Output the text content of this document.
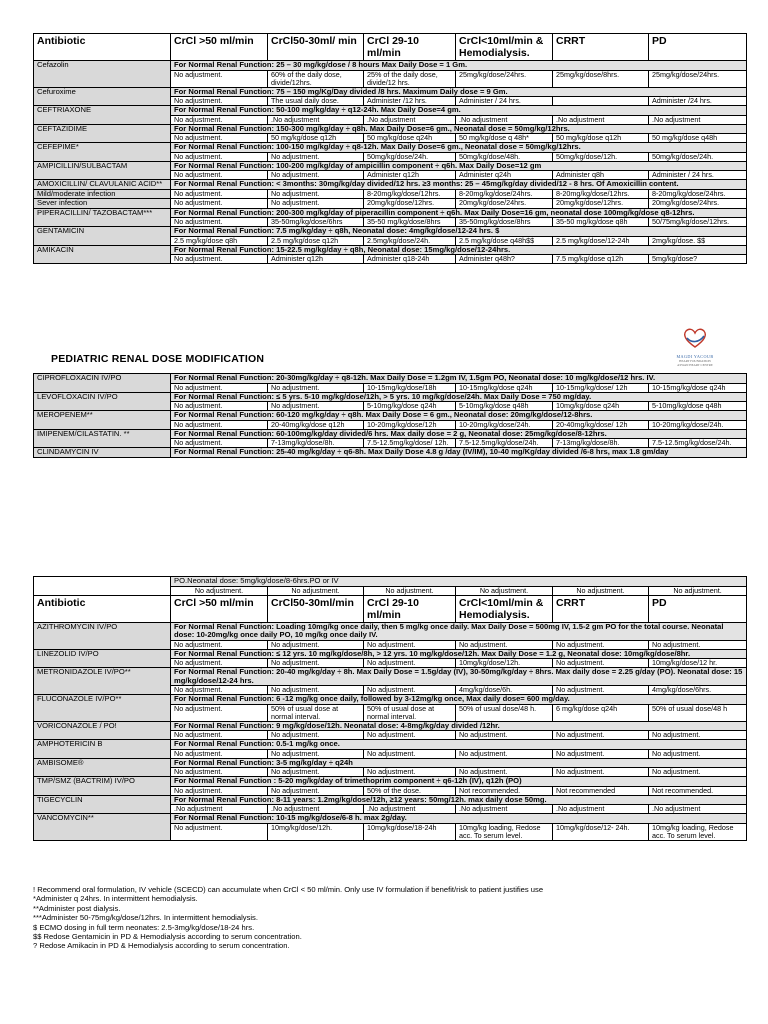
Antibiotic	CrCl >50 ml/min	CrCl50-30ml/ min	CrCl 29-10 ml/min	CrCl<10ml/min & Hemodialysis.	CRRT	PD
Cefazolin	For Normal Renal Function: 25 – 30 mg/kg/dose / 8 hours Max Daily Dose = 1 Gm.					
	No adjustment.	60% of the daily dose, divide/12hrs.	25% of the daily dose, divide/12 hrs.	25mg/kg/dose/24hrs.	25mg/kg/dose/8hrs.	25mg/kg/dose/24hrs.
Cefuroxime	For Normal Renal Function: 75 – 150 mg/Kg/Day divided /8 hrs. Maximum Daily dose = 9 Gm.					
	No adjustment.	The usual daily dose.	Administer /12 hrs.	Administer / 24 hrs.		Administer /24 hrs.
CEFTRIAXONE	For Normal Renal Function: 50-100 mg/kg/day ÷ q12-24h. Max Daily Dose=4 gm.					
	No adjustment.	.No adjustment	.No adjustment	.No adjustment	.No adjustment	.No adjustment
CEFTAZIDIME	For Normal Renal Function: 150-300 mg/kg/day ÷ q8h. Max Daily Dose=6 gm., Neonatal dose = 50mg/kg/12hrs.					
	No adjustment.	50 mg/kg/dose q12h	50 mg/kg/dose q24h	50 mg/kg/dose q 48h*	50 mg/kg/dose q12h	50 mg/kg/dose q48h
CEFEPIME*	For Normal Renal Function: 100-150 mg/kg/day ÷ q8-12h. Max Daily Dose=6 gm., Neonatal dose = 50mg/kg/12hrs.					
	No adjustment.	No adjustment.	50mg/kg/dose/24h.	50mg/kg/dose/48h.	50mg/kg/dose/12h.	50mg/kg/dose/24h.
AMPICILLIN/SULBACTAM	For Normal Renal Function: 100-200 mg/kg/day of ampicillin component ÷ q6h. Max Daily Dose=12 gm					
	No adjustment.	No adjustment.	Administer q12h	Administer q24h	Administer q8h	Administer / 24 hrs.
AMOXICILLIN/ CLAVULANIC ACID**	For Normal Renal Function: < 3months: 30mg/kg/day divided/12 hrs. ≥3 months: 25 – 45mg/kg/day divided/12 - 8 hrs. Of Amoxicillin content.					
Mild/moderate infection	No adjustment.	No adjustment.	8-20mg/kg/dose/12hrs.	8-20mg/kg/dose/24hrs.	8-20mg/kg/dose/12hrs.	8-20mg/kg/dose/24hrs.
Sever infection	No adjustment.	No adjustment.	20mg/kg/dose/12hrs.	20mg/kg/dose/24hrs.	20mg/kg/dose/12hrs.	20mg/kg/dose/24hrs.
PIPERACILLIN/ TAZOBACTAM***	For Normal Renal Function: 200-300 mg/kg/day of piperacillin component ÷ q6h. Max Daily Dose=16 gm, neonatal dose 100mg/kg/dose q8-12hrs.					
	No adjustment.	35-50mg/kg/dose/6hrs	35-50 mg/kg/dose/8hrs	35-50mg/kg/dose/8hrs	35-50 mg/kg/dose q8h	50/75mg/kg/dose/12hrs.
GENTAMICIN	For Normal Renal Function: 7.5 mg/kg/day ÷ q8h, Neonatal dose: 4mg/kg/dose/12-24 hrs. $					
	2.5 mg/kg/dose q8h	2.5 mg/kg/dose q12h	2.5mg/kg/dose/24h.	2.5 mg/kg/dose q48h$$	2.5 mg/kg/dose/12-24h	2mg/kg/dose. $$
AMIKACIN	For Normal Renal Function: 15-22.5 mg/kg/day ÷ q8h, Neonatal dose: 15mg/kg/dose/12-24hrs.					
	No adjustment.	Administer q12h	Administer q18-24h	Administer q48h?	7.5 mg/kg/dose q12h	5mg/kg/dose?
PEDIATRIC RENAL DOSE MODIFICATION	MAGDI YACOUB
HEART FOUNDATION
ASWAN HEART CENTRE
CIPROFLOXACIN IV/PO	For Normal Renal Function: 20-30mg/kg/day ÷ q8-12h. Max Daily Dose = 1.2gm IV, 1.5gm PO, Neonatal dose: 10 mg/kg/dose/12 hrs. IV.					
	No adjustment.	No adjustment.	10-15mg/kg/dose/18h	10-15mg/kg/dose q24h	10-15mg/kg/dose/ 12h	10-15mg/kg/dose q24h
LEVOFLOXACIN IV/PO	For Normal Renal Function: ≤ 5 yrs. 5-10 mg/kg/dose/12h, > 5 yrs. 10 mg/kg/dose/24h. Max Daily Dose = 750 mg/day.					
	No adjustment.	No adjustment.	5-10mg/kg/dose q24h	5-10mg/kg/dose q48h	10mg/kg/dose q24h	5-10mg/kg/dose q48h
MEROPENEM**	For Normal Renal Function: 60-120 mg/kg/day ÷ q8h. Max Daily Dose = 6 gm., Neonatal dose: 20mg/kg/dose/12-8hrs.					
	No adjustment.	20-40mg/kg/dose q12h	10-20mg/kg/dose/12h	10-20mg/kg/dose/24h.	20-40mg/kg/dose/ 12h	10-20mg/kg/dose/24h.
IMIPENEM/CILASTATIN. **	For Normal Renal Function: 60-100mg/kg/day divided/6 hrs. Max daily dose = 2 g, Neonatal dose: 25mg/kg/dose/8-12hrs.					
	No adjustment.	7-13mg/kg/dose/8h.	7.5-12.5mg/kg/dose/ 12h.	7.5-12.5mg/kg/dose/24h.	7-13mg/kg/dose/8h.	7.5-12.5mg/kg/dose/24h.
CLINDAMYCIN IV	For Normal Renal Function: 25-40 mg/kg/day ÷ q6-8h. Max Daily Dose 4.8 g /day (IV/IM), 10-40 mg/Kg/day divided /6-8 hrs, max 1.8 gm/day					
	PO.Neonatal dose: 5mg/kg/dose/8-6hrs.PO or IV					
	No adjustment.	No adjustment.	No adjustment.	No adjustment.	No adjustment.	No adjustment.
Antibiotic	CrCl >50 ml/min	CrCl50-30ml/min	CrCl 29-10 ml/min	CrCl<10ml/min & Hemodialysis.	CRRT	PD
AZITHROMYCIN IV/PO	For Normal Renal Function: Loading 10mg/kg once daily, then 5 mg/kg once daily. Max Daily Dose = 500mg IV, 1.5-2 gm PO for the total course. Neonatal dose: 10-20mg/kg once daily PO, 10 mg/kg once daily IV.					
	No adjustment.	No adjustment.	No adjustment.	No adjustment.	No adjustment.	No adjustment.
LINEZOLID IV/PO	For Normal Renal Function: ≤ 12 yrs. 10 mg/kg/dose/8h, > 12 yrs. 10 mg/kg/dose/12h. Max Daily Dose = 1.2 g, Neonatal dose: 10mg/kg/dose/8hr.					
	No adjustment.	No adjustment.	No adjustment.	10mg/kg/dose/12h.	No adjustment.	10mg/kg/dose/12 hr.
METRONIDAZOLE IV/PO**	For Normal Renal Function: 20-40 mg/kg/day ÷ 8h. Max Daily Dose = 1.5g/day (IV), 30-50mg/kg/day ÷ 8hrs. Max daily dose = 2.25 g/day (PO). Neonatal dose: 15 mg/kg/dose/12-24 hrs.					
	No adjustment.	No adjustment.	No adjustment.	4mg/kg/dose/6h.	No adjustment.	4mg/kg/dose/6hrs.
FLUCONAZOLE IV/PO**	For Normal Renal Function: 6 -12 mg/kg once daily, followed by 3-12mg/kg once, Max daily dose= 600 mg/day.					
	No adjustment.	50% of usual dose at normal interval.	50% of usual dose at normal interval.	50% of usual dose/48 h.	6 mg/kg/dose q24h	50% of usual dose/48 h
VORICONAZOLE / PO!	For Normal Renal Function: 9 mg/kg/dose/12h. Neonatal dose: 4-8mg/kg/day divided /12hr.					
	No adjustment.	No adjustment.	No adjustment.	No adjustment.	No adjustment.	No adjustment.
AMPHOTERICIN B	For Normal Renal Function: 0.5-1 mg/kg once.					
	No adjustment.	No adjustment.	No adjustment.	No adjustment.	No adjustment.	No adjustment.
AMBISOME®	For Normal Renal Function: 3-5 mg/kg/day ÷ q24h					
	No adjustment.	No adjustment.	No adjustment.	No adjustment.	No adjustment.	No adjustment.
TMP/SMZ (BACTRIM) IV/PO	For Normal Renal Function : 5-20 mg/kg/day of trimethoprim component ÷ q6-12h (IV), q12h (PO)					
	No adjustment.	No adjustment.	50% of the dose.	Not recommended.	Not recommended	Not recommended.
TIGECYCLIN	For Normal Renal Function: 8-11 years: 1.2mg/kg/dose/12h, ≥12 years: 50mg/12h. max daily dose 50mg.					
	.No adjustment	.No adjustment	.No adjustment	.No adjustment	.No adjustment	.No adjustment
VANCOMYCIN**	For Normal Renal Function: 10-15 mg/kg/dose/6-8 h. max 2g/day.					
	No adjustment.	10mg/kg/dose/12h.	10mg/kg/dose/18-24h	10mg/kg loading, Redose acc. To serum level.	10mg/kg/dose/12- 24h.	10mg/kg loading, Redose acc. To serum level.
! Recommend oral formulation, IV vehicle (SCECD) can accumulate when CrCl < 50 ml/min. Only use IV formulation if benefit/risk to patient justifies use
*Administer q 24hrs. In intermittent hemodialysis.
**Administer post dialysis.
***Administer 50-75mg/kg/dose/12hrs. In intermittent hemodialysis.
$ ECMO dosing in full term neonates: 2.5-3mg/kg/dose/18-24 hrs.
$$ Redose Gentamicin in PD & Hemodialysis according to serum concentration.
? Redose Amikacin in PD & Hemodialysis according to serum concentration.
